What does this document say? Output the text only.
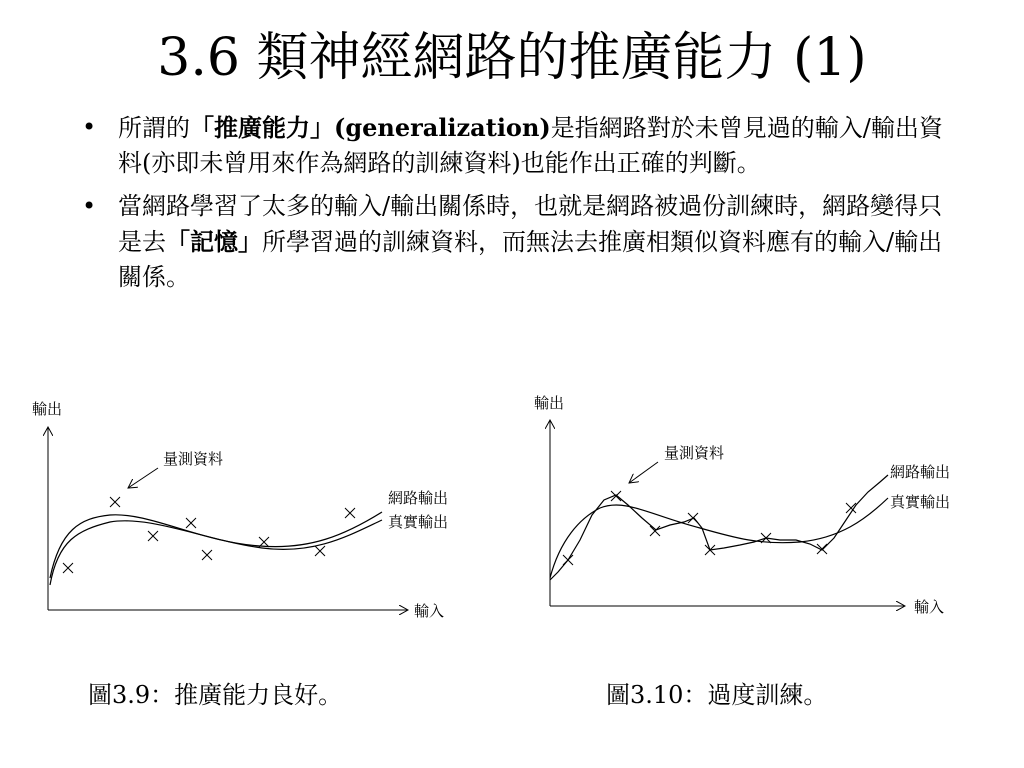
3.6 類神經網路的推廣能力 (1)
• 所謂的「推廣能力」(generalization)是指網路對於未曾見過的輸入/輸出資料(亦即未曾用來作為網路的訓練資料)也能作出正確的判斷。
• 當網路學習了太多的輸入/輸出關係時，也就是網路被過份訓練時，網路變得只是去「記憶」所學習過的訓練資料，而無法去推廣相類似資料應有的輸入/輸出關係。
輸出
輸入
量測資料
網路輸出
真實輸出
輸出
輸入
量測資料
網路輸出
真實輸出
圖3.9：推廣能力良好。	圖3.10：過度訓練。
